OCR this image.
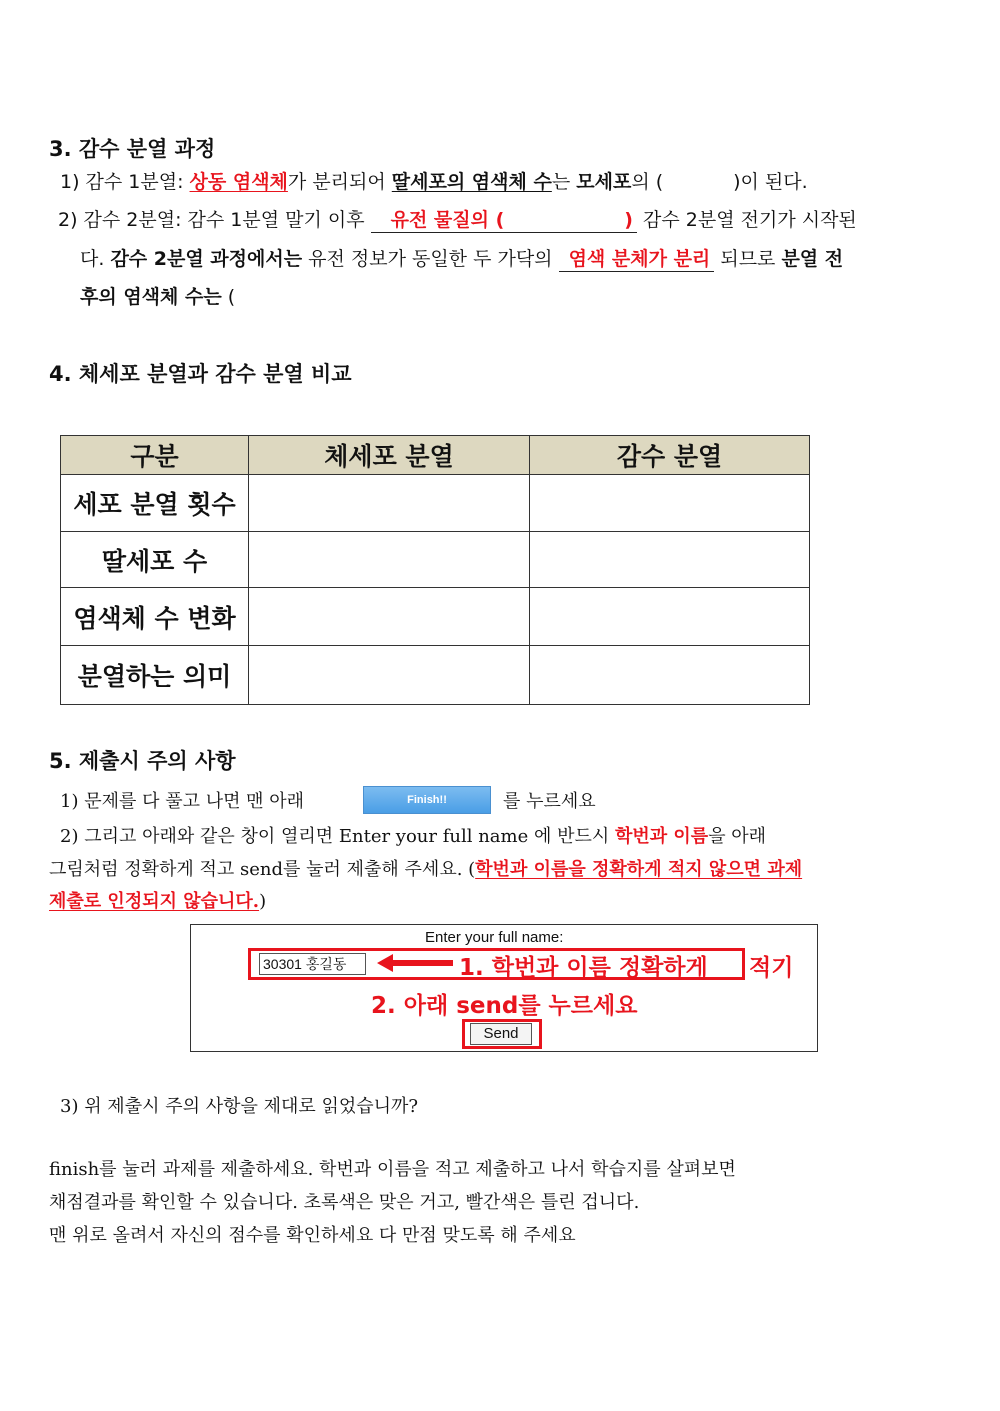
3. 감수 분열 과정
1) 감수 1분열: 상동 염색체가 분리되어 딸세포의 염색체 수는 모세포의 (	)이 된다.
2) 감수 2분열: 감수 1분열 말기 이후 유전 물질의 (	) 감수 2분열 전기가 시작된
다. 감수 2분열 과정에서는 유전 정보가 동일한 두 가닥의 염색 분체가 분리 되므로 분열 전
후의 염색체 수는 (
4. 체세포 분열과 감수 분열 비교
구분	체세포 분열	감수 분열
세포 분열 횟수		
딸세포 수		
염색체 수 변화		
분열하는 의미		
5. 제출시 주의 사항
1) 문제를 다 풀고 나면 맨 아래	Finish!!	를 누르세요
2) 그리고 아래와 같은 창이 열리면 Enter your full name 에 반드시 학번과 이름을 아래
그림처럼 정확하게 적고 send를 눌러 제출해 주세요. (학번과 이름을 정확하게 적지 않으면 과제
제출로 인정되지 않습니다.)
Enter your full name:
30301 홍길동	1. 학번과 이름 정확하게 적기
2. 아래 send를 누르세요
Send
3) 위 제출시 주의 사항을 제대로 읽었습니까?
finish를 눌러 과제를 제출하세요. 학번과 이름을 적고 제출하고 나서 학습지를 살펴보면
채점결과를 확인할 수 있습니다. 초록색은 맞은 거고, 빨간색은 틀린 겁니다.
맨 위로 올려서 자신의 점수를 확인하세요 다 만점 맞도록 해 주세요
